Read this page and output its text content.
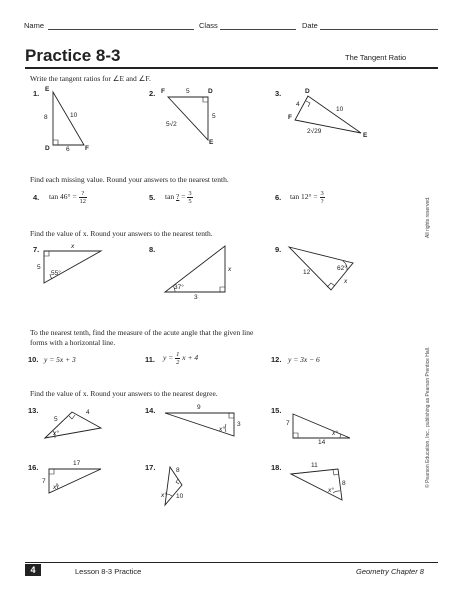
Name	Class	Date
Practice 8-3	The Tangent Ratio
Write the tangent ratios for ∠E and ∠F.
1.	2.	3.
E
D	F
8	10
6
F	D
E
5
5
5√2
D
F
E
4
10
2√29
Find each missing value. Round your answers to the nearest tenth.
4. $\tan 46^\circ = \frac{?}{12}$	5. tan ? = $\frac{3}{5}$	6. $\tan 12^\circ = \frac{3}{?}$
Find the value of x. Round your answers to the nearest tenth.
7.	8.	9.
x
5
55°
x
37°
3
12
62°
x
To the nearest tenth, find the measure of the acute angle that the given line
forms with a horizontal line.
10. y = 5x + 3	11. $y = \frac{1}{2}$ x + 4	12. y = 3x − 6
Find the value of x. Round your answers to the nearest degree.
13.	14.	15.
16.	17.	18.
5
4
x°
9
3
x°
7
14
x°
17
7
x°
8
10
x°
11
8
x°
All rights reserved.
© Pearson Education, Inc., publishing as Pearson Prentice Hall.
4	Lesson 8-3 Practice	Geometry Chapter 8
